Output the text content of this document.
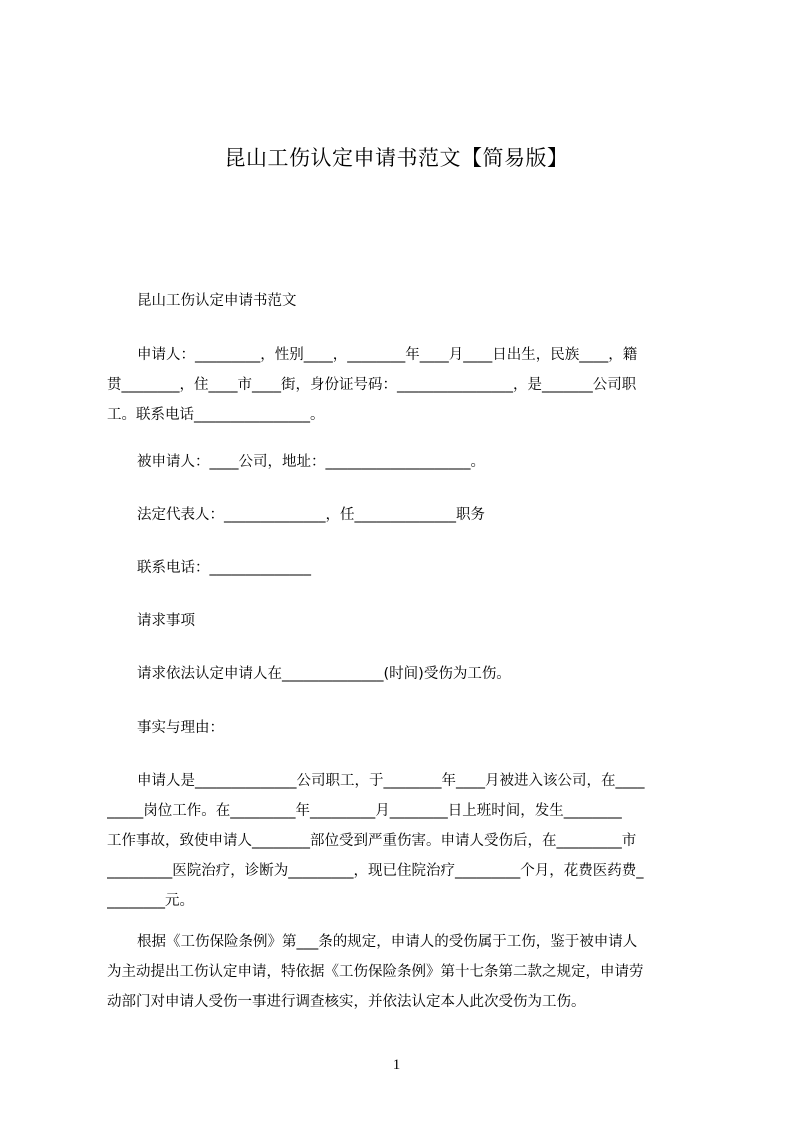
昆山工伤认定申请书范文【简易版】
昆山工伤认定申请书范文
申请人：_________，性别____，________年____月____日出生，民族____，籍
贯________，住____市____街，身份证号码：________________，是_______公司职
工。联系电话________________。
被申请人：____公司，地址：____________________。
法定代表人：______________，任______________职务
联系电话：______________
请求事项
请求依法认定申请人在______________(时间)受伤为工伤。
事实与理由：
申请人是______________公司职工，于________年____月被进入该公司，在____
_____岗位工作。在_________年_________月________日上班时间，发生________
工作事故，致使申请人________部位受到严重伤害。申请人受伤后，在_________市
_________医院治疗，诊断为_________，现已住院治疗_________个月，花费医药费_
________元。
根据《工伤保险条例》第___条的规定，申请人的受伤属于工伤，鉴于被申请人
为主动提出工伤认定申请，特依据《工伤保险条例》第十七条第二款之规定，申请劳
动部门对申请人受伤一事进行调查核实，并依法认定本人此次受伤为工伤。
1
